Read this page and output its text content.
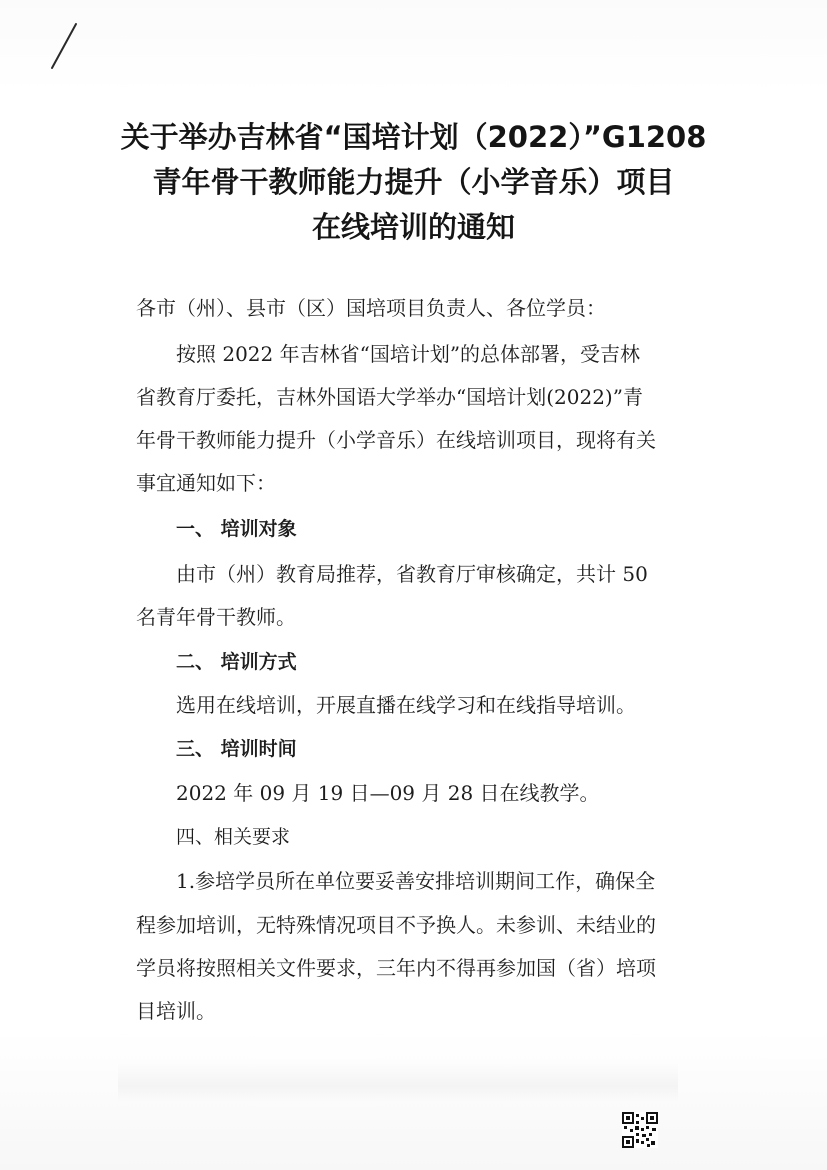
关于举办吉林省“国培计划（2022）”G1208
青年骨干教师能力提升（小学音乐）项目
在线培训的通知

各市（州）、县市（区）国培项目负责人、各位学员：

按照 2022 年吉林省“国培计划”的总体部署，受吉林

省教育厅委托，吉林外国语大学举办“国培计划(2022)”青

年骨干教师能力提升（小学音乐）在线培训项目，现将有关

事宜通知如下：

一、 培训对象

由市（州）教育局推荐，省教育厅审核确定，共计 50

名青年骨干教师。

二、 培训方式

选用在线培训，开展直播在线学习和在线指导培训。

三、 培训时间

2022 年 09 月 19 日—09 月 28 日在线教学。

四、相关要求

1.参培学员所在单位要妥善安排培训期间工作，确保全

程参加培训，无特殊情况项目不予换人。未参训、未结业的

学员将按照相关文件要求，三年内不得再参加国（省）培项

目培训。
